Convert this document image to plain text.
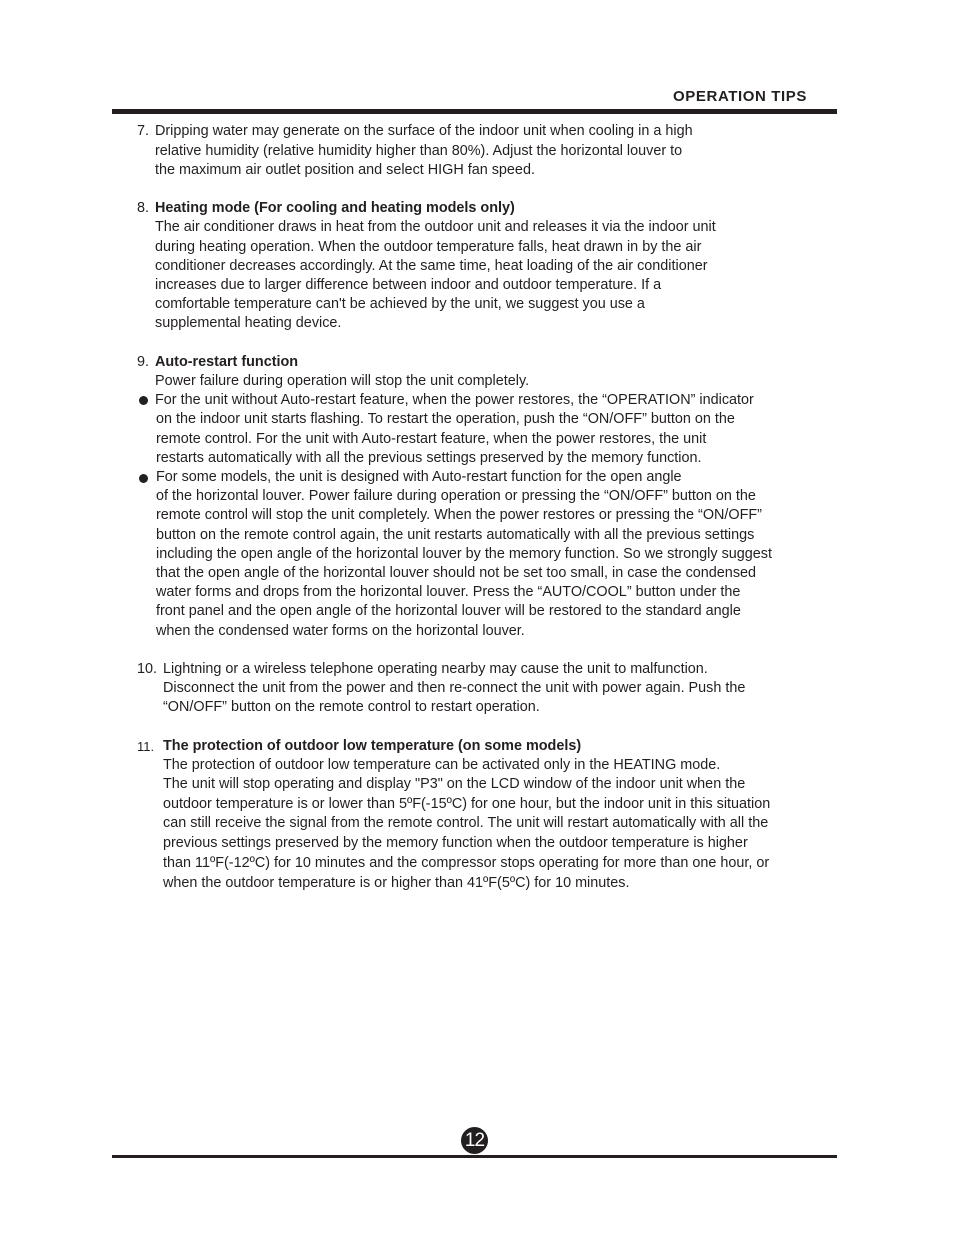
OPERATION TIPS
7. Dripping water may generate on the surface of the indoor unit when cooling in a high
relative humidity (relative humidity higher than 80%). Adjust the horizontal louver to
the maximum air outlet position and select HIGH fan speed.
8. Heating mode (For cooling and heating models only)
The air conditioner draws in heat from the outdoor unit and releases it via the indoor unit
during heating operation. When the outdoor temperature falls, heat drawn in by the air
conditioner decreases accordingly. At the same time, heat loading of the air conditioner
increases due to larger difference between indoor and outdoor temperature. If a
comfortable temperature can't be achieved by the unit, we suggest you use a
supplemental heating device.
9. Auto-restart function
Power failure during operation will stop the unit completely.
For the unit without Auto-restart feature, when the power restores, the “OPERATION” indicator
on the indoor unit starts flashing. To restart the operation, push the “ON/OFF” button on the
remote control. For the unit with Auto-restart feature, when the power restores, the unit
restarts automatically with all the previous settings preserved by the memory function.
For some models, the unit is designed with Auto-restart function for the open angle
of the horizontal louver. Power failure during operation or pressing the “ON/OFF” button on the
remote control will stop the unit completely. When the power restores or pressing the “ON/OFF”
button on the remote control again, the unit restarts automatically with all the previous settings
including the open angle of the horizontal louver by the memory function. So we strongly suggest
that the open angle of the horizontal louver should not be set too small, in case the condensed
water forms and drops from the horizontal louver. Press the “AUTO/COOL” button under the
front panel and the open angle of the horizontal louver will be restored to the standard angle
when the condensed water forms on the horizontal louver.
10. Lightning or a wireless telephone operating nearby may cause the unit to malfunction.
Disconnect the unit from the power and then re-connect the unit with power again. Push the
“ON/OFF” button on the remote control to restart operation.
11. The protection of outdoor low temperature (on some models)
The protection of outdoor low temperature can be activated only in the HEATING mode.
The unit will stop operating and display "P3" on the LCD window of the indoor unit when the
outdoor temperature is or lower than 5ºF(-15ºC) for one hour, but the indoor unit in this situation
can still receive the signal from the remote control. The unit will restart automatically with all the
previous settings preserved by the memory function when the outdoor temperature is higher
than 11ºF(-12ºC) for 10 minutes and the compressor stops operating for more than one hour, or
when the outdoor temperature is or higher than 41ºF(5ºC) for 10 minutes.
12
